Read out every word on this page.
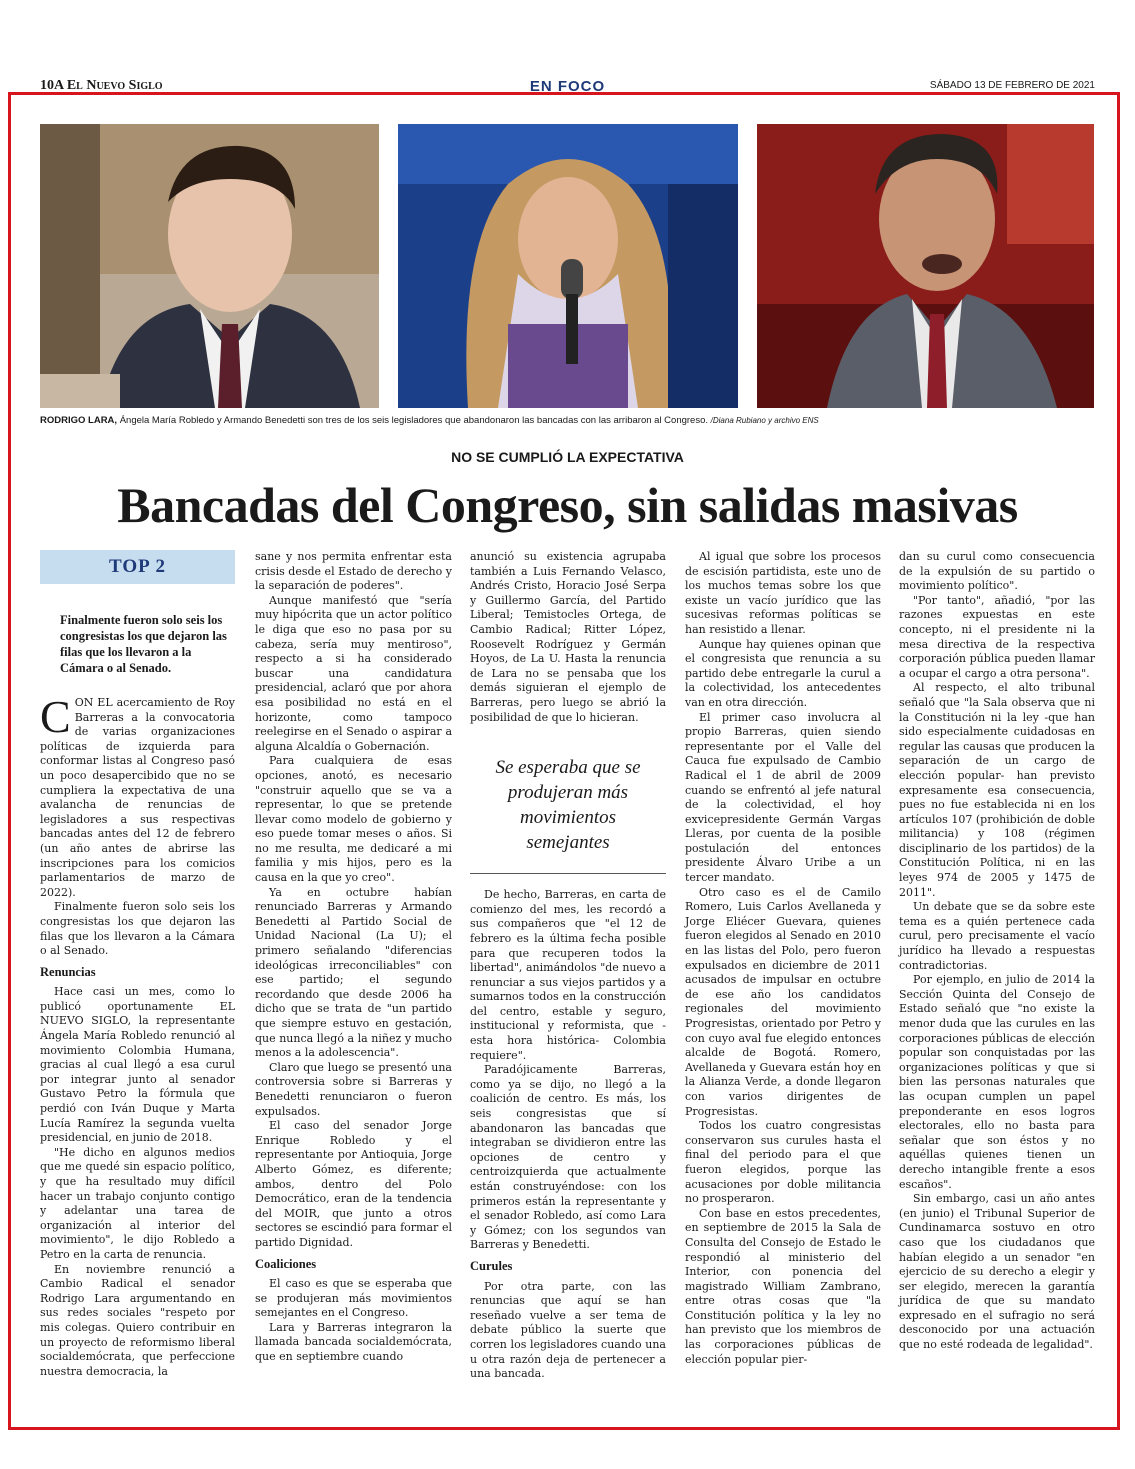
10A El Nuevo Siglo	EN FOCO	SÁBADO 13 DE FEBRERO DE 2021
RODRIGO LARA, Ángela María Robledo y Armando Benedetti son tres de los seis legisladores que abandonaron las bancadas con las arribaron al Congreso. /Diana Rubiano y archivo ENS
NO SE CUMPLIÓ LA EXPECTATIVA
Bancadas del Congreso, sin salidas masivas
TOP 2
Finalmente fueron solo seis los congresistas los que dejaron las filas que los llevaron a la Cámara o al Senado.

CON EL acercamiento de Roy Barreras a la convocatoria de varias organizaciones políticas de izquierda para conformar listas al Congreso pasó un poco desapercibido que no se cumpliera la expectativa de una avalancha de renuncias de legisladores a sus respectivas bancadas antes del 12 de febrero (un año antes de abrirse las inscripciones para los comicios parlamentarios de marzo de 2022).

Finalmente fueron solo seis los congresistas los que dejaron las filas que los llevaron a la Cámara o al Senado.

Renuncias

Hace casi un mes, como lo publicó oportunamente EL NUEVO SIGLO, la representante Ángela María Robledo renunció al movimiento Colombia Humana, gracias al cual llegó a esa curul por integrar junto al senador Gustavo Petro la fórmula que perdió con Iván Duque y Marta Lucía Ramírez la segunda vuelta presidencial, en junio de 2018.

"He dicho en algunos medios que me quedé sin espacio político, y que ha resultado muy difícil hacer un trabajo conjunto contigo y adelantar una tarea de organización al interior del movimiento", le dijo Robledo a Petro en la carta de renuncia.

En noviembre renunció a Cambio Radical el senador Rodrigo Lara argumentando en sus redes sociales "respeto por mis colegas. Quiero contribuir en un proyecto de reformismo liberal socialdemócrata, que perfeccione nuestra democracia, la

sane y nos permita enfrentar esta crisis desde el Estado de derecho y la separación de poderes".

Aunque manifestó que "sería muy hipócrita que un actor político le diga que eso no pasa por su cabeza, sería muy mentiroso", respecto a si ha considerado buscar una candidatura presidencial, aclaró que por ahora esa posibilidad no está en el horizonte, como tampoco reelegirse en el Senado o aspirar a alguna Alcaldía o Gobernación.

Para cualquiera de esas opciones, anotó, es necesario "construir aquello que se va a representar, lo que se pretende llevar como modelo de gobierno y eso puede tomar meses o años. Si no me resulta, me dedicaré a mi familia y mis hijos, pero es la causa en la que yo creo".

Ya en octubre habían renunciado Barreras y Armando Benedetti al Partido Social de Unidad Nacional (La U); el primero señalando "diferencias ideológicas irreconciliables" con ese partido; el segundo recordando que desde 2006 ha dicho que se trata de "un partido que siempre estuvo en gestación, que nunca llegó a la niñez y mucho menos a la adolescencia".

Claro que luego se presentó una controversia sobre si Barreras y Benedetti renunciaron o fueron expulsados.

El caso del senador Jorge Enrique Robledo y el representante por Antioquia, Jorge Alberto Gómez, es diferente; ambos, dentro del Polo Democrático, eran de la tendencia del MOIR, que junto a otros sectores se escindió para formar el partido Dignidad.

Coaliciones

El caso es que se esperaba que se produjeran más movimientos semejantes en el Congreso.

Lara y Barreras integraron la llamada bancada socialdemócrata, que en septiembre cuando

anunció su existencia agrupaba también a Luis Fernando Velasco, Andrés Cristo, Horacio José Serpa y Guillermo García, del Partido Liberal; Temistocles Ortega, de Cambio Radical; Ritter López, Roosevelt Rodríguez y Germán Hoyos, de La U. Hasta la renuncia de Lara no se pensaba que los demás siguieran el ejemplo de Barreras, pero luego se abrió la posibilidad de que lo hicieran.

Se esperaba que se produjeran más movimientos semejantes

De hecho, Barreras, en carta de comienzo del mes, les recordó a sus compañeros que "el 12 de febrero es la última fecha posible para que recuperen todos la libertad", animándolos "de nuevo a renunciar a sus viejos partidos y a sumarnos todos en la construcción del centro, estable y seguro, institucional y reformista, que -esta hora histórica- Colombia requiere".

Paradójicamente Barreras, como ya se dijo, no llegó a la coalición de centro. Es más, los seis congresistas que sí abandonaron las bancadas que integraban se dividieron entre las opciones de centro y centroizquierda que actualmente están construyéndose: con los primeros están la representante y el senador Robledo, así como Lara y Gómez; con los segundos van Barreras y Benedetti.

Curules

Por otra parte, con las renuncias que aquí se han reseñado vuelve a ser tema de debate público la suerte que corren los legisladores cuando una u otra razón deja de pertenecer a una bancada.

Al igual que sobre los procesos de escisión partidista, este uno de los muchos temas sobre los que existe un vacío jurídico que las sucesivas reformas políticas se han resistido a llenar.

Aunque hay quienes opinan que el congresista que renuncia a su partido debe entregarle la curul a la colectividad, los antecedentes van en otra dirección.

El primer caso involucra al propio Barreras, quien siendo representante por el Valle del Cauca fue expulsado de Cambio Radical el 1 de abril de 2009 cuando se enfrentó al jefe natural de la colectividad, el hoy exvicepresidente Germán Vargas Lleras, por cuenta de la posible postulación del entonces presidente Álvaro Uribe a un tercer mandato.

Otro caso es el de Camilo Romero, Luis Carlos Avellaneda y Jorge Eliécer Guevara, quienes fueron elegidos al Senado en 2010 en las listas del Polo, pero fueron expulsados en diciembre de 2011 acusados de impulsar en octubre de ese año los candidatos regionales del movimiento Progresistas, orientado por Petro y con cuyo aval fue elegido entonces alcalde de Bogotá. Romero, Avellaneda y Guevara están hoy en la Alianza Verde, a donde llegaron con varios dirigentes de Progresistas.

Todos los cuatro congresistas conservaron sus curules hasta el final del periodo para el que fueron elegidos, porque las acusaciones por doble militancia no prosperaron.

Con base en estos precedentes, en septiembre de 2015 la Sala de Consulta del Consejo de Estado le respondió al ministerio del Interior, con ponencia del magistrado William Zambrano, entre otras cosas que "la Constitución política y la ley no han previsto que los miembros de las corporaciones públicas de elección popular pier-

dan su curul como consecuencia de la expulsión de su partido o movimiento político".

"Por tanto", añadió, "por las razones expuestas en este concepto, ni el presidente ni la mesa directiva de la respectiva corporación pública pueden llamar a ocupar el cargo a otra persona".

Al respecto, el alto tribunal señaló que "la Sala observa que ni la Constitución ni la ley -que han sido especialmente cuidadosas en regular las causas que producen la separación de un cargo de elección popular- han previsto expresamente esa consecuencia, pues no fue establecida ni en los artículos 107 (prohibición de doble militancia) y 108 (régimen disciplinario de los partidos) de la Constitución Política, ni en las leyes 974 de 2005 y 1475 de 2011".

Un debate que se da sobre este tema es a quién pertenece cada curul, pero precisamente el vacío jurídico ha llevado a respuestas contradictorias.

Por ejemplo, en julio de 2014 la Sección Quinta del Consejo de Estado señaló que "no existe la menor duda que las curules en las corporaciones públicas de elección popular son conquistadas por las organizaciones políticas y que si bien las personas naturales que las ocupan cumplen un papel preponderante en esos logros electorales, ello no basta para señalar que son éstos y no aquéllas quienes tienen un derecho intangible frente a esos escaños".

Sin embargo, casi un año antes (en junio) el Tribunal Superior de Cundinamarca sostuvo en otro caso que los ciudadanos que habían elegido a un senador "en ejercicio de su derecho a elegir y ser elegido, merecen la garantía jurídica de que su mandato expresado en el sufragio no será desconocido por una actuación que no esté rodeada de legalidad".
